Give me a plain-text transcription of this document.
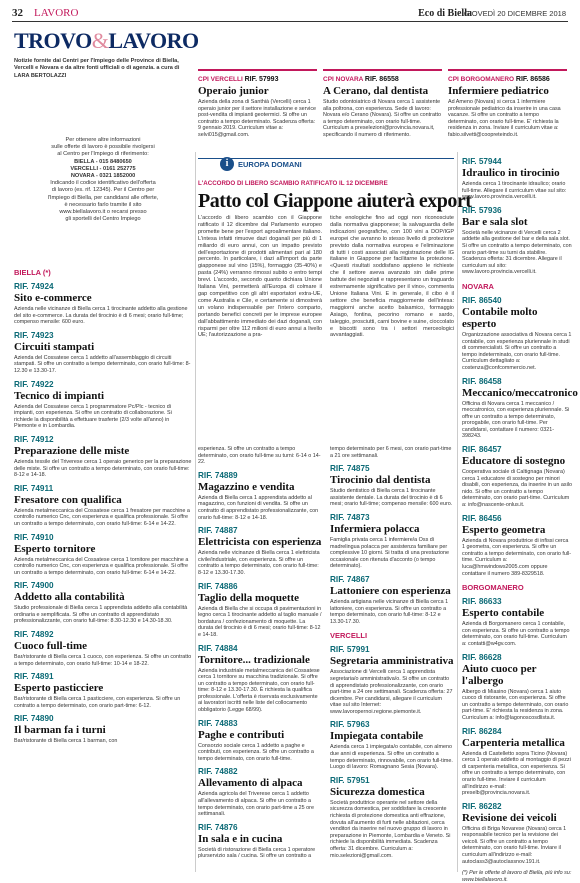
32 LAVORO	Eco di Biella
GIOVEDÌ 20 DICEMBRE 2018
TROVO&LAVORO
Notizie fornite dai Centri per l'Impiego delle Province di Biella, Vercelli e Novara e da altre fonti ufficiali o di agenzia. a cura di LARA BERTOLAZZI
Per ottenere altre informazioni
sulle offerte di lavoro è possibile rivolgersi
al Centro per l'Impiego di riferimento:
BIELLA - 015 8480650
VERCELLI - 0161 252775
NOVARA - 0321 1852000
Indicando il codice identificativo dell'offerta
di lavoro (es. rif. 12345). Per il Centro per
l'Impiego di Biella, per candidarsi alle offerte,
è necessario farlo tramite il sito
www.biellalavoro.it o recarsi presso
gli sportelli del Centro Impiego
CPI VERCELLI RIF. 57993
Operaio junior
Azienda della zona di Santhià (Vercelli) cerca 1 operaio junior per il settore installazione e service post-vendita di impianti geotermici. Si offre un contratto a tempo determinato. Scadenza offerta: 9 gennaio 2019. Curriculum vitae a: selvi015@gmail.com.
CPI NOVARA RIF. 86558
A Cerano, dal dentista
Studio odontoiatrico di Novara cerca 1 assistente alla poltrona, con esperienza. Sede di lavoro: Novara e/o Cerano (Novara). Si offre un contratto a tempo determinato, con orario full-time. Curriculum a preselezioni@provincia.novara.it, specificando il numero di riferimento.
CPI BORGOMANERO RIF. 86586
Infermiere pediatrico
Ad Ameno (Novara) si cerca 1 infermiere professionale pediatrico da inserire in una casa vacanze. Si offre un contratto a tempo determinato, con orario full-time. E' richiesta la residenza in zona. Inviare il curriculum vitae a: fabio.silvetti@coopreteindo.it.
i	EUROPA DOMANI
L'ACCORDO DI LIBERO SCAMBIO RATIFICATO IL 12 DICEMBRE
Patto col Giappone aiuterà export
L'accordo di libero scambio con il Giappone ratificato il 12 dicembre dal Parlamento europeo promette bene per l'export agroalimentare italiano. L'intesa infatti rimuove dazi doganali per più di 1 miliardo di euro annui, con un impatto previsto dell'esportazione di prodotti alimentari pari al 180 percento. In particolare, i dazi all'import da parte giapponese sul vino (15%), formaggio (35-40%) e pasta (24%) verranno rimossi subito o entro tempi brevi. L'accordo, secondo quanto dichiara Unione Italiana Vini, permetterà all'Europa di colmare il gap competitivo con gli altri esportatori extra-UE, come Australia e Cile, e certamente si dimostrerà un volano indispensabile per l'intero comparto, portando benefici concreti per le imprese europee dall'abbattimento immediato dei dazi doganali, con risparmi per oltre 112 milioni di euro annui a livello UE; l'autorizzazione a pra-
tiche enologiche fino ad oggi non riconosciute dalla normativa giapponese; la salvaguardia delle indicazioni geografiche, con 100 vini a DOP/IGP europei che avranno lo stesso livello di protezione previsto dalla normativa europea e l'eliminazione di tutti i costi associati alla registrazione delle IG italiane in Giappone per facilitarne la protezione. «Questi risultati soddisfano appieno le richieste che il settore aveva avanzato sin dalle prime battute dei negoziati e rappresentano un traguardo estremamente significativo per il vino», commenta Unione Italiana Vini. E in generale, il cibo è il settore che beneficia maggiormente dell'intesa: maggiorni anche acetto balsamico, formaggio Asiago, fontina, pecorino romano e sardo, taleggio, prosciutti, carni bovine e suine, cioccolato e biscotti sono tra i settori merceologici avvantaggiati.
BIELLA (*)
RIF. 74924
Sito e-commerce
Azienda nelle vicinanze di Biella cerca 1 tirocinante addetto alla gestione del sito e-commerce. La durata del tirocinio è di 6 mesi; orario full-time; compenso mensile: 600 euro.
RIF. 74923
Circuiti stampati
Azienda del Cossatese cerca 1 addetto all'assemblaggio di circuiti stampati. Si offre un contratto a tempo determinato, con orario full-time: 8-12.30 e 13.30-17.
RIF. 74922
Tecnico di impianti
Azienda del Cossatese cerca 1 programmatore Pc/Plc - tecnico di impianti, con esperienza. Si offre un contratto di collaborazione. Si richiede la disponibilità a effettuare trasferte (2/3 volte all'anno) in Piemonte e in Lombardia.
RIF. 74912
Preparazione delle miste
Azienda tessile del Triverese cerca 1 operaio generico per la preparazione delle miste. Si offre un contratto a tempo determinato, con orario full-time: 8-12 e 14-18.
RIF. 74911
Fresatore con qualifica
Azienda metalmeccanica del Cossatese cerca 1 fresatore per macchine a controllo numerico Cnc, con esperienza e qualifica professionale. Si offre un contratto a tempo determinato, con orario full-time: 6-14 e 14-22.
RIF. 74910
Esperto tornitore
Azienda metalmeccanica del Cossatese cerca 1 tornitore per macchine a controllo numerico Cnc, con esperienza e qualifica professionale. Si offre un contratto a tempo determinato, con orario full-time: 6-14 e 14-22.
RIF. 74900
Addetto alla contabilità
Studio professionale di Biella cerca 1 apprendista addetto alla contabilità ordinaria e semplificata. Si offre un contratto di apprendistato professionalizzante, con orario full-time: 8.30-12.30 e 14.30-18.30.
RIF. 74892
Cuoco full-time
Bar/ristorante di Biella cerca 1 cuoco, con esperienza. Si offre un contratto a tempo determinato, con orario full-time: 10-14 e 18-22.
RIF. 74891
Esperto pasticciere
Bar/ristorante di Biella cerca 1 pasticciere, con esperienza. Si offre un contratto a tempo determinato, con orario part-time: 6-12.
RIF. 74890
Il barman fa i turni
Bar/ristorante di Biella cerca 1 barman, con
esperienza. Si offre un contratto a tempo determinato, con orario full-time su turni: 6-14 o 14-22.
RIF. 74889
Magazzino e vendita
Azienda di Biella cerca 1 apprendista addetto al magazzino, con funzioni di vendita. Si offre un contratto di apprendistato professionalizzante, con orario full-time: 8-12 e 14-18.
RIF. 74887
Elettricista con esperienza
Azienda nelle vicinanze di Biella cerca 1 elettricista civile/industriale, con esperienza. Si offre un contratto a tempo determinato, con orario full-time: 8-12 e 13.30-17.30.
RIF. 74886
Taglio della moquette
Azienda di Biella che si occupa di pavimentazioni in legno cerca 1 tirocinante addetto al taglio manuale / bordatura / confezionamento di moquette. La durata del tirocinio è di 6 mesi; orario full-time: 8-12 e 14-18.
RIF. 74884
Tornitore... tradizionale
Azienda industriale metalmeccanica del Cossatese cerca 1 tornitore su macchina tradizionale. Si offre un contratto a tempo determinato, con orario full-time: 8-12 e 13.30-17.30. È richiesta la qualifica professionale. L'offerta è riservata esclusivamente ai lavoratori iscritti nelle liste del collocamento obbligatorio (Legge 68/99).
RIF. 74883
Paghe e contributi
Consorzio sociale cerca 1 addetto a paghe e contributi, con esperienza. Si offre un contratto a tempo determinato, con orario full-time.
RIF. 74882
Allevamento di alpaca
Azienda agricola del Triverese cerca 1 addetto all'allevamento di alpaca. Si offre un contratto a tempo determinato, con orario part-time a 25 ore settimanali.
RIF. 74876
In sala e in cucina
Società di ristorazione di Biella cerca 1 operatore plurservizio sala / cucina. Si offre un contratto a
tempo determinato per 6 mesi, con orario part-time a 21 ore settimanali.
RIF. 74875
Tirocinio dal dentista
Studio dentistico di Biella cerca 1 tirocinante assistente dentale. La durata del tirocinio è di 6 mesi; orario full-time; compenso mensile: 600 euro.
RIF. 74873
Infermiera polacca
Famiglia privata cerca 1 infermiere/a Oss di madrelingua polacca per assistenza familiare per complessive 10 giorni. Si tratta di una prestazione occasionale con ritenuta d'acconto (o tempo determinato).
RIF. 74867
Lattoniere con esperienza
Azienda artigiana nelle vicinanze di Biella cerca 1 lattoniere, con esperienza. Si offre un contratto a tempo determinato, con orario full-time: 8-12 e 13.30-17.30.
VERCELLI
RIF. 57991
Segretaria amministrativa
Associazione di Vercelli cerca 1 apprendista segretaria/o amministrativa/o. Si offre un contratto di apprendistato professionalizzante, con orario part-time a 24 ore settimanali. Scadenza offerta: 27 dicembre. Per candidarsi, allegare il curriculum vitae sul sito Internet: www.lavoropernoi.regione.piemonte.it.
RIF. 57963
Impiegata contabile
Azienda cerca 1 impiegata/o contabile, con almeno due anni di esperienza. Si offre un contratto a tempo determinato, rinnovabile, con orario full-time. Luogo di lavoro: Romagnano Sesia (Novara).
RIF. 57951
Sicurezza domestica
Società produttrice operante nel settore della sicurezza domestica, per soddisfare la crescente richiesta di protezione domestica anti effrazione, dovuta all'aumento di furti nelle abitazioni, cerca venditori da inserire nel nuovo gruppo di lavoro in preparazione in Piemonte, Lombardia e Veneto. Si richiede la disponibilità immediata. Scadenza offerta: 31 dicembre. Curriculum a: mio.selezioni@gmail.com.
RIF. 57944
Idraulico in tirocinio
Azienda cerca 1 tirocinante idraulico; orario full-time. Allegare il curriculum vitae sul sito: www.lavoro.provincia.vercelli.it.
RIF. 57936
Bar e sala slot
Società nelle vicinanze di Vercelli cerca 2 addette alla gestione del bar e della sala slot. Si offre un contratto a tempo determinato, con orario part-time su turni da stabilire. Scadenza offerta: 31 dicembre. Allegare il curriculum sul sito: www.lavoro.provincia.vercelli.it.
NOVARA
RIF. 86540
Contabile molto esperto
Organizzazione associativa di Novara cerca 1 contabile, con esperienza pluriennale in studi di commercialisti. Si offre un contratto a tempo indeterminato, con orario full-time. Curriculum dettagliato a: costenza@confcommercio.net.
RIF. 86458
Meccanico/meccatronico
Officina di Novara cerca 1 meccanico / meccatronico, con esperienza pluriennale. Si offre un contratto a tempo determinato, prorogabile, con orario full-time. Per candidarsi, contattare il numero: 0321-398243.
RIF. 86457
Educatore di sostegno
Cooperativa sociale di Caltignaga (Novara) cerca 1 educatore di sostegno per minori disabili, con esperienza, da inserire in un asilo nido. Si offre un contratto a tempo determinato, con orario part-time. Curriculum a: info@nascente-onlus.it.
RIF. 86456
Esperto geometra
Azienda di Novara produttrice di infissi cerca 1 geometra, con esperienza. Si offre un contratto a tempo determinato, con orario full-time. Curriculum a: luca@hmwindows2005.com oppure contattare il numero 389-8329518.
BORGOMANERO
RIF. 86633
Esperto contabile
Azienda di Borgomanero cerca 1 contabile, con esperienza. Si offre un contratto a tempo determinato, con orario full-time. Curriculum a: contatti@w4gv.com.
RIF. 86628
Aiuto cuoco per l'albergo
Albergo di Miasino (Novara) cerca 1 aiuto cuoco di ristorante, con esperienza. Si offre un contratto a tempo determinato, con orario part-time. E' richiesta la residenza in zona. Curriculum a: info@lagonoscosdlista.it.
RIF. 86284
Carpenteria metallica
Azienda di Castelletto sopra Ticino (Novara) cerca 1 operaio addetto al montaggio di pezzi di carpenteria metallica, con esperienza. Si offre un contratto a tempo determinato, con orario full-time. Inviare il curriculum all'indirizzo e-mail: preselb@provincia.novara.it.
RIF. 86282
Revisione dei veicoli
Officina di Briga Novarese (Novara) cerca 1 responsabile tecnico per la revisione dei veicoli. Si offre un contratto a tempo determinato, con orario full-time. Inviare il curriculum all'indirizzo e-mail: autoclass3@autoclassnov.191.it.
(*) Per le offerte di lavoro di Biella, più info su: www.biellalavoro.it.
